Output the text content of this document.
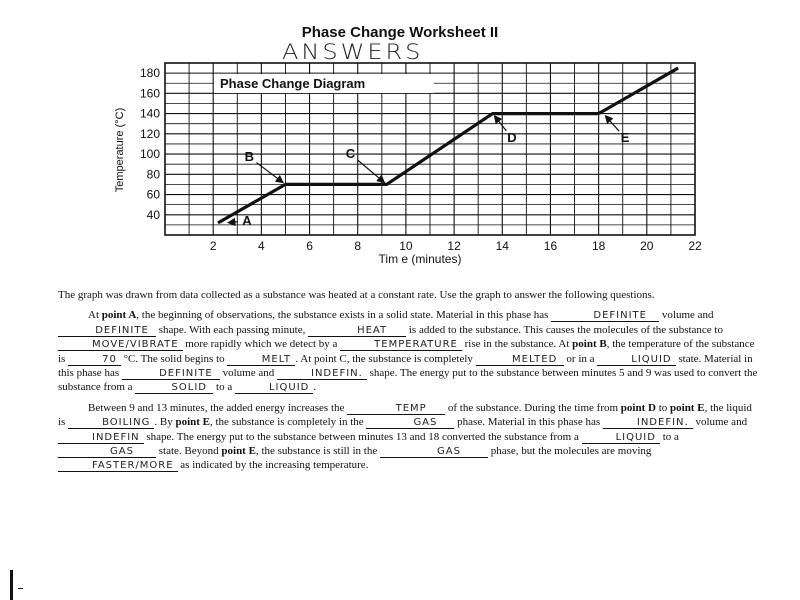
Phase Change Worksheet II
ANSWERS
2	4	6	8	10	12	14	16	18	20	22
40
60
80
100
120
140
160
180
Phase Change Diagram
A
B	C
D	E
Tim e (minutes)
Temperature (°C)

The graph was drawn from data collected as a substance was heated at a constant rate. Use the graph to answer the following questions.

At point A, the beginning of observations, the substance exists in a solid state. Material in this phase has	DEFINITE volume and DEFINITE shape. With each passing minute,	HEAT is added to the substance. This causes the molecules of the substance to MOVE/VIBRATE more rapidly which we detect by a	TEMPERATURE rise in the substance. At point B, the temperature of the substance is	70 °C. The solid begins to	MELT . At point C, the substance is completely	MELTED or in a	LIQUID state. Material in this phase has	DEFINITE volume and	INDEFIN. shape. The energy put to the substance between minutes 5 and 9 was used to convert the substance from a	SOLID to a	LIQUID .

Between 9 and 13 minutes, the added energy increases the	TEMP of the substance. During the time from point D to point E, the liquid is	BOILING . By point E, the substance is completely in the	GAS phase. Material in this phase has	INDEFIN. volume and INDEFIN shape. The energy put to the substance between minutes 13 and 18 converted the substance from a	LIQUID to a GAS state. Beyond point E, the substance is still in the	GAS phase, but the molecules are moving FASTER/MORE as indicated by the increasing temperature.
